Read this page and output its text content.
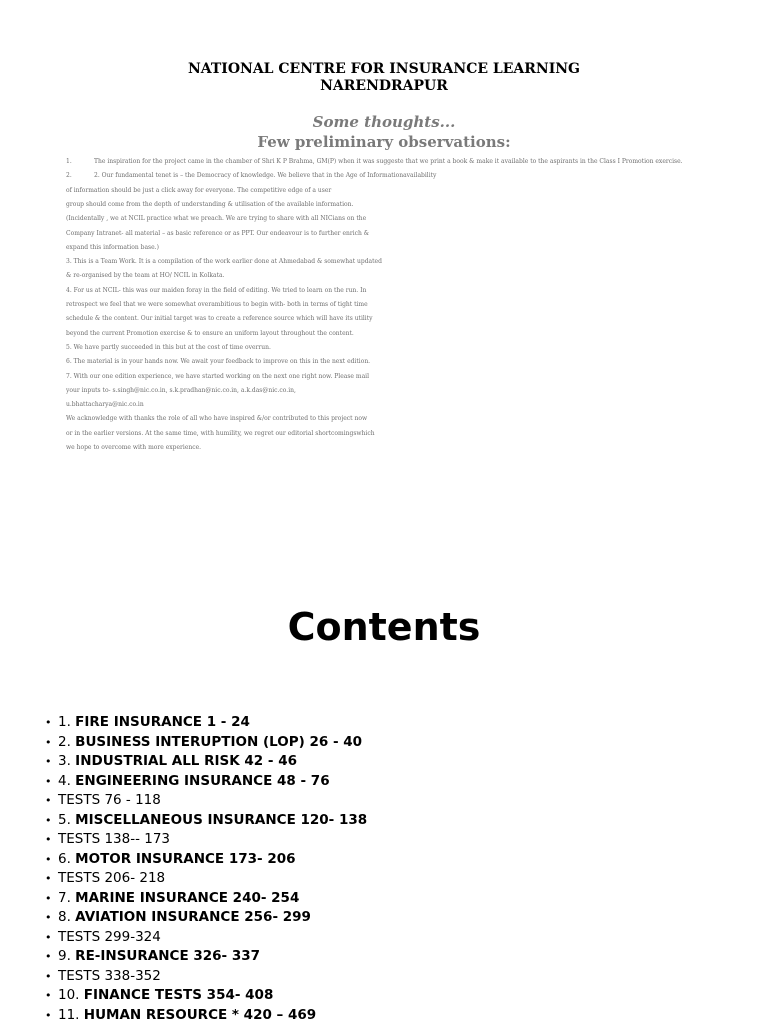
NATIONAL CENTRE FOR INSURANCE LEARNING
NARENDRAPUR
Some thoughts...
Few preliminary observations:
1.	The inspiration for the project came in the chamber of Shri K P Brahma, GM(P) when it was suggeste that we print a book & make it available to the aspirants in the Class I Promotion exercise.
2.	2. Our fundamental tenet is – the Democracy of knowledge. We believe that in the Age of Informationavailability
of information should be just a click away for everyone. The competitive edge of a user
group should come from the depth of understanding & utilisation of the available information.
(Incidentally , we at NCIL practice what we preach. We are trying to share with all NICians on the
Company Intranet- all material – as basic reference or as PPT. Our endeavour is to further enrich &
expand this information base.)
3. This is a Team Work. It is a compilation of the work earlier done at Ahmedabad & somewhat updated
& re-organised by the team at HO/ NCIL in Kolkata.
4. For us at NCIL- this was our maiden foray in the field of editing. We tried to learn on the run. In
retrospect we feel that we were somewhat overambitious to begin with- both in terms of tight time
schedule & the content. Our initial target was to create a reference source which will have its utility
beyond the current Promotion exercise & to ensure an uniform layout throughout the content.
5. We have partly succeeded in this but at the cost of time overrun.
6. The material is in your hands now. We await your feedback to improve on this in the next edition.
7. With our one edition experience, we have started working on the next one right now. Please mail
your inputs to- s.singh@nic.co.in, s.k.pradhan@nic.co.in, a.k.das@nic.co.in,
u.bhattacharya@nic.co.in
We acknowledge with thanks the role of all who have inspired &/or contributed to this project now
or in the earlier versions. At the same time, with humility, we regret our editorial shortcomingswhich
we hope to overcome with more experience.
Contents
• 1. FIRE INSURANCE 1 - 24
• 2. BUSINESS INTERUPTION (LOP) 26 - 40
• 3. INDUSTRIAL ALL RISK 42 - 46
• 4. ENGINEERING INSURANCE 48 - 76
• TESTS 76 - 118
• 5. MISCELLANEOUS INSURANCE 120- 138
• TESTS 138-- 173
• 6. MOTOR INSURANCE 173- 206
• TESTS 206- 218
• 7. MARINE INSURANCE 240- 254
• 8. AVIATION INSURANCE 256- 299
• TESTS 299-324
• 9. RE-INSURANCE 326- 337
• TESTS 338-352
• 10. FINANCE TESTS 354- 408
• 11. HUMAN RESOURCE * 420 – 469
